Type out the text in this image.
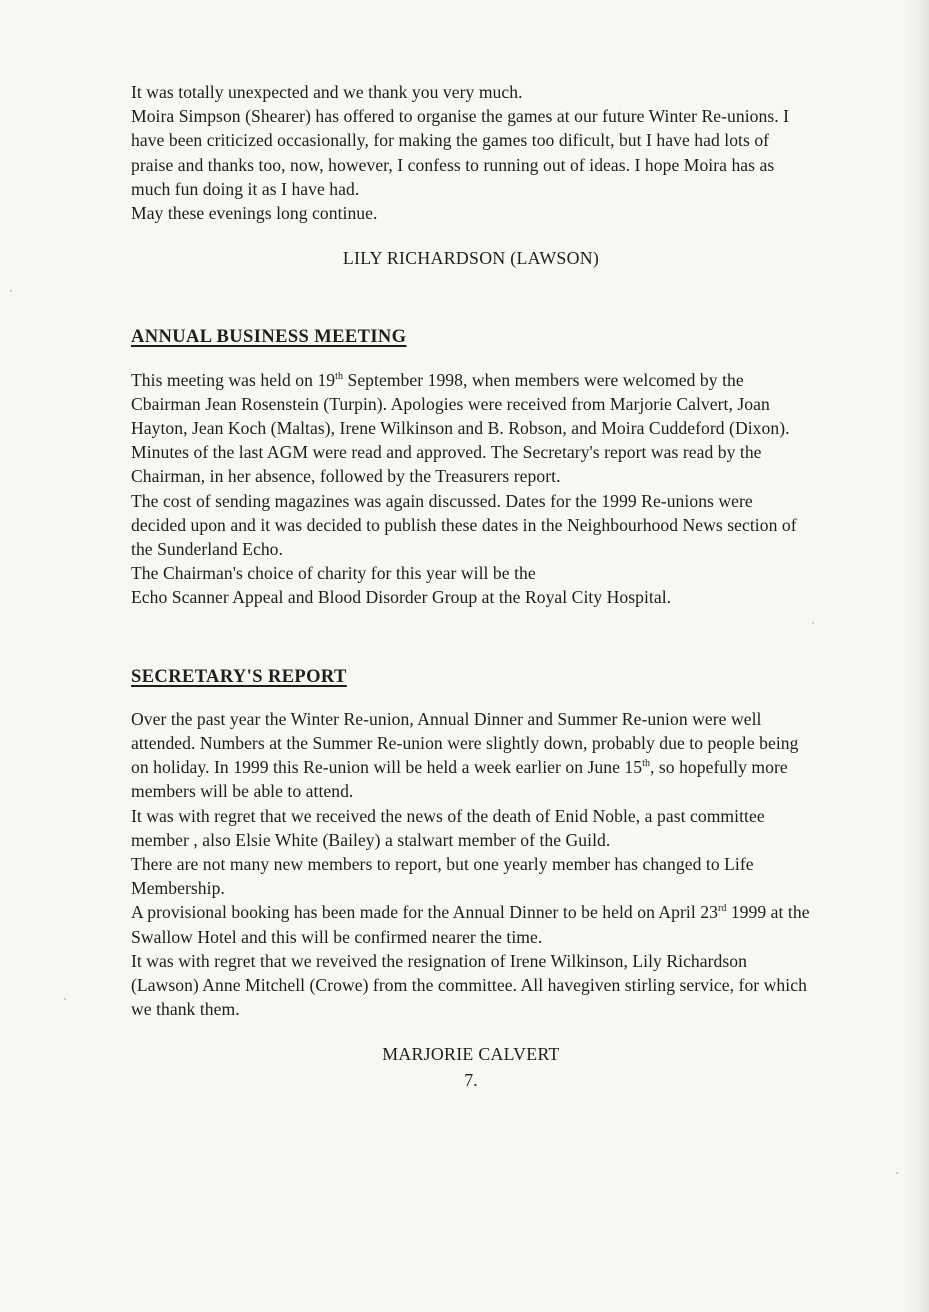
It was totally unexpected and we thank you very much.

Moira Simpson (Shearer) has offered to organise the games at our future Winter Re-unions. I have been criticized occasionally, for making the games too dificult, but I have had lots of praise and thanks too, now, however, I confess to running out of ideas. I hope Moira has as much fun doing it as I have had.

May these evenings long continue.

LILY RICHARDSON (LAWSON)

ANNUAL BUSINESS MEETING

This meeting was held on 19th September 1998, when members were welcomed by the Cbairman Jean Rosenstein (Turpin). Apologies were received from Marjorie Calvert, Joan Hayton, Jean Koch (Maltas), Irene Wilkinson and B. Robson, and Moira Cuddeford (Dixon).

Minutes of the last AGM were read and approved. The Secretary's report was read by the Chairman, in her absence, followed by the Treasurers report.

The cost of sending magazines was again discussed. Dates for the 1999 Re-unions were decided upon and it was decided to publish these dates in the Neighbourhood News section of the Sunderland Echo.

The Chairman's choice of charity for this year will be the

Echo Scanner Appeal and Blood Disorder Group at the Royal City Hospital.

SECRETARY'S REPORT

Over the past year the Winter Re-union, Annual Dinner and Summer Re-union were well attended. Numbers at the Summer Re-union were slightly down, probably due to people being on holiday. In 1999 this Re-union will be held a week earlier on June 15th, so hopefully more members will be able to attend.

It was with regret that we received the news of the death of Enid Noble, a past committee member , also Elsie White (Bailey) a stalwart member of the Guild.

There are not many new members to report, but one yearly member has changed to Life Membership.

A provisional booking has been made for the Annual Dinner to be held on April 23rd 1999 at the Swallow Hotel and this will be confirmed nearer the time.

It was with regret that we reveived the resignation of Irene Wilkinson, Lily Richardson (Lawson) Anne Mitchell (Crowe) from the committee. All havegiven stirling service, for which we thank them.

MARJORIE CALVERT

7.
